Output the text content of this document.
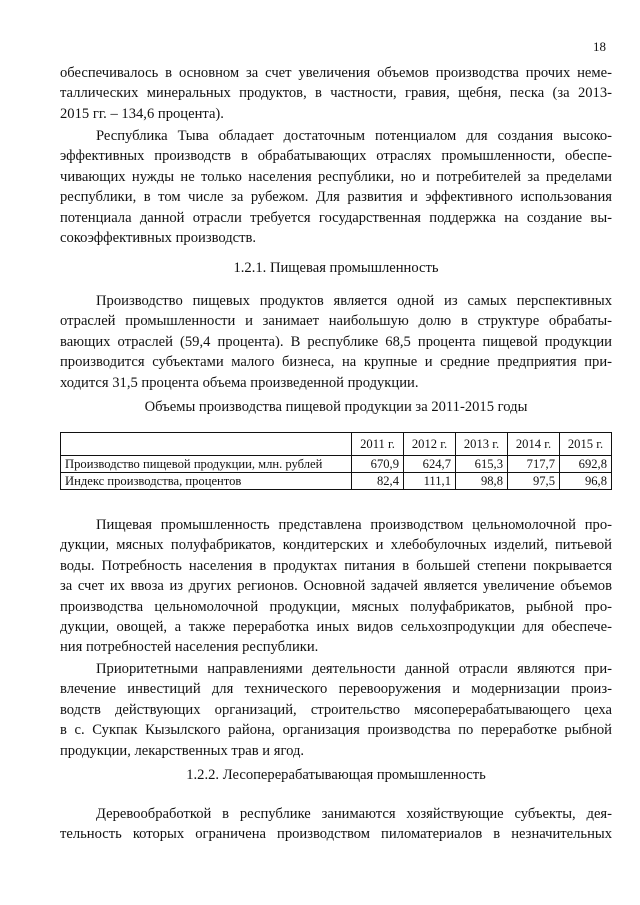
18
обеспечивалось в основном за счет увеличения объемов производства прочих неме-
таллических минеральных продуктов, в частности, гравия, щебня, песка (за 2013-
2015 гг. – 134,6 процента).
Республика Тыва обладает достаточным потенциалом для создания высоко-
эффективных производств в обрабатывающих отраслях промышленности, обеспе-
чивающих нужды не только населения республики, но и потребителей за пределами
республики, в том числе за рубежом. Для развития и эффективного использования
потенциала данной отрасли требуется государственная поддержка на создание вы-
сокоэффективных производств.
1.2.1. Пищевая промышленность
Производство пищевых продуктов является одной из самых перспективных
отраслей промышленности и занимает наибольшую долю в структуре обрабаты-
вающих отраслей (59,4 процента). В республике 68,5 процента пищевой продукции
производится субъектами малого бизнеса, на крупные и средние предприятия при-
ходится 31,5 процента объема произведенной продукции.
Объемы производства пищевой продукции за 2011-2015 годы
	2011 г.	2012 г.	2013 г.	2014 г.	2015 г.
Производство пищевой продукции, млн. рублей	670,9	624,7	615,3	717,7	692,8
Индекс производства, процентов	82,4	111,1	98,8	97,5	96,8
Пищевая промышленность представлена производством цельномолочной про-
дукции, мясных полуфабрикатов, кондитерских и хлебобулочных изделий, питьевой
воды. Потребность населения в продуктах питания в большей степени покрывается
за счет их ввоза из других регионов. Основной задачей является увеличение объемов
производства цельномолочной продукции, мясных полуфабрикатов, рыбной про-
дукции, овощей, а также переработка иных видов сельхозпродукции для обеспече-
ния потребностей населения республики.
Приоритетными направлениями деятельности данной отрасли являются при-
влечение инвестиций для технического перевооружения и модернизации произ-
водств действующих организаций, строительство мясоперерабатывающего цеха
в с. Сукпак Кызылского района, организация производства по переработке рыбной
продукции, лекарственных трав и ягод.
1.2.2. Лесоперерабатывающая промышленность
Деревообработкой в республике занимаются хозяйствующие субъекты, дея-
тельность которых ограничена производством пиломатериалов в незначительных
